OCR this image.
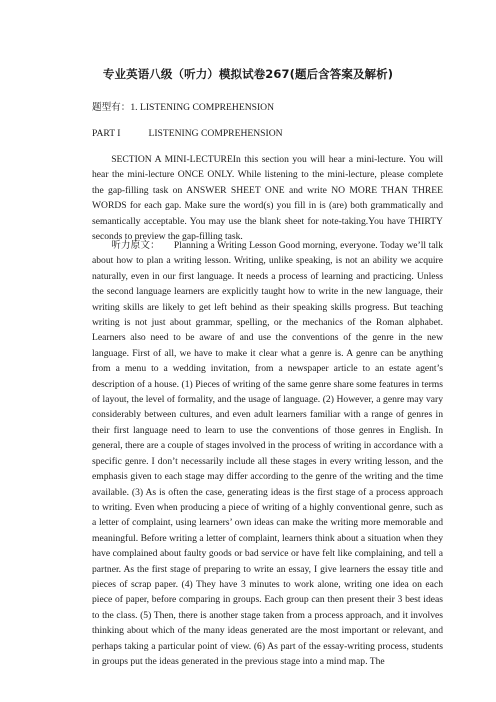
专业英语八级（听力）模拟试卷267(题后含答案及解析)
题型有：1. LISTENING COMPREHENSION
PART I	LISTENING COMPREHENSION
SECTION A MINI-LECTUREIn this section you will hear a mini-lecture. You will hear the mini-lecture ONCE ONLY. While listening to the mini-lecture, please complete the gap-filling task on ANSWER SHEET ONE and write NO MORE THAN THREE WORDS for each gap. Make sure the word(s) you fill in is (are) both grammatically and semantically acceptable. You may use the blank sheet for note-taking.You have THIRTY seconds to preview the gap-filling task.
听力原文： Planning a Writing Lesson Good morning, everyone. Today we’ll talk about how to plan a writing lesson. Writing, unlike speaking, is not an ability we acquire naturally, even in our first language. It needs a process of learning and practicing. Unless the second language learners are explicitly taught how to write in the new language, their writing skills are likely to get left behind as their speaking skills progress. But teaching writing is not just about grammar, spelling, or the mechanics of the Roman alphabet. Learners also need to be aware of and use the conventions of the genre in the new language. First of all, we have to make it clear what a genre is. A genre can be anything from a menu to a wedding invitation, from a newspaper article to an estate agent’s description of a house. (1) Pieces of writing of the same genre share some features in terms of layout, the level of formality, and the usage of language. (2) However, a genre may vary considerably between cultures, and even adult learners familiar with a range of genres in their first language need to learn to use the conventions of those genres in English. In general, there are a couple of stages involved in the process of writing in accordance with a specific genre. I don’t necessarily include all these stages in every writing lesson, and the emphasis given to each stage may differ according to the genre of the writing and the time available. (3) As is often the case, generating ideas is the first stage of a process approach to writing. Even when producing a piece of writing of a highly conventional genre, such as a letter of complaint, using learners’ own ideas can make the writing more memorable and meaningful. Before writing a letter of complaint, learners think about a situation when they have complained about faulty goods or bad service or have felt like complaining, and tell a partner. As the first stage of preparing to write an essay, I give learners the essay title and pieces of scrap paper. (4) They have 3 minutes to work alone, writing one idea on each piece of paper, before comparing in groups. Each group can then present their 3 best ideas to the class. (5) Then, there is another stage taken from a process approach, and it involves thinking about which of the many ideas generated are the most important or relevant, and perhaps taking a particular point of view. (6) As part of the essay-writing process, students in groups put the ideas generated in the previous stage into a mind map. The
